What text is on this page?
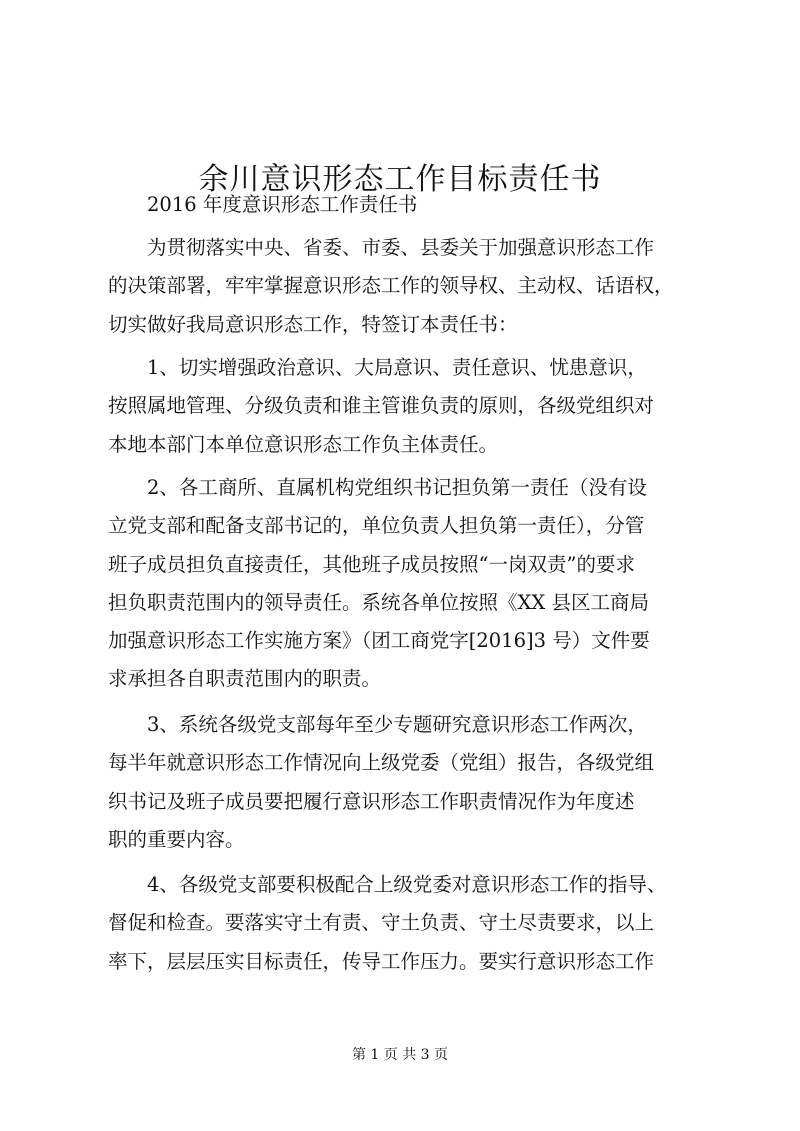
余川意识形态工作目标责任书
2016 年度意识形态工作责任书
为贯彻落实中央、省委、市委、县委关于加强意识形态工作
的决策部署，牢牢掌握意识形态工作的领导权、主动权、话语权，
切实做好我局意识形态工作，特签订本责任书：
1、切实增强政治意识、大局意识、责任意识、忧患意识，
按照属地管理、分级负责和谁主管谁负责的原则，各级党组织对
本地本部门本单位意识形态工作负主体责任。
2、各工商所、直属机构党组织书记担负第一责任（没有设
立党支部和配备支部书记的，单位负责人担负第一责任），分管
班子成员担负直接责任，其他班子成员按照“一岗双责”的要求
担负职责范围内的领导责任。系统各单位按照《XX 县区工商局
加强意识形态工作实施方案》（团工商党字[2016]3 号）文件要
求承担各自职责范围内的职责。
3、系统各级党支部每年至少专题研究意识形态工作两次，
每半年就意识形态工作情况向上级党委（党组）报告，各级党组
织书记及班子成员要把履行意识形态工作职责情况作为年度述
职的重要内容。
4、各级党支部要积极配合上级党委对意识形态工作的指导、
督促和检查。要落实守土有责、守土负责、守土尽责要求，以上
率下，层层压实目标责任，传导工作压力。要实行意识形态工作
第 1 页 共 3 页
